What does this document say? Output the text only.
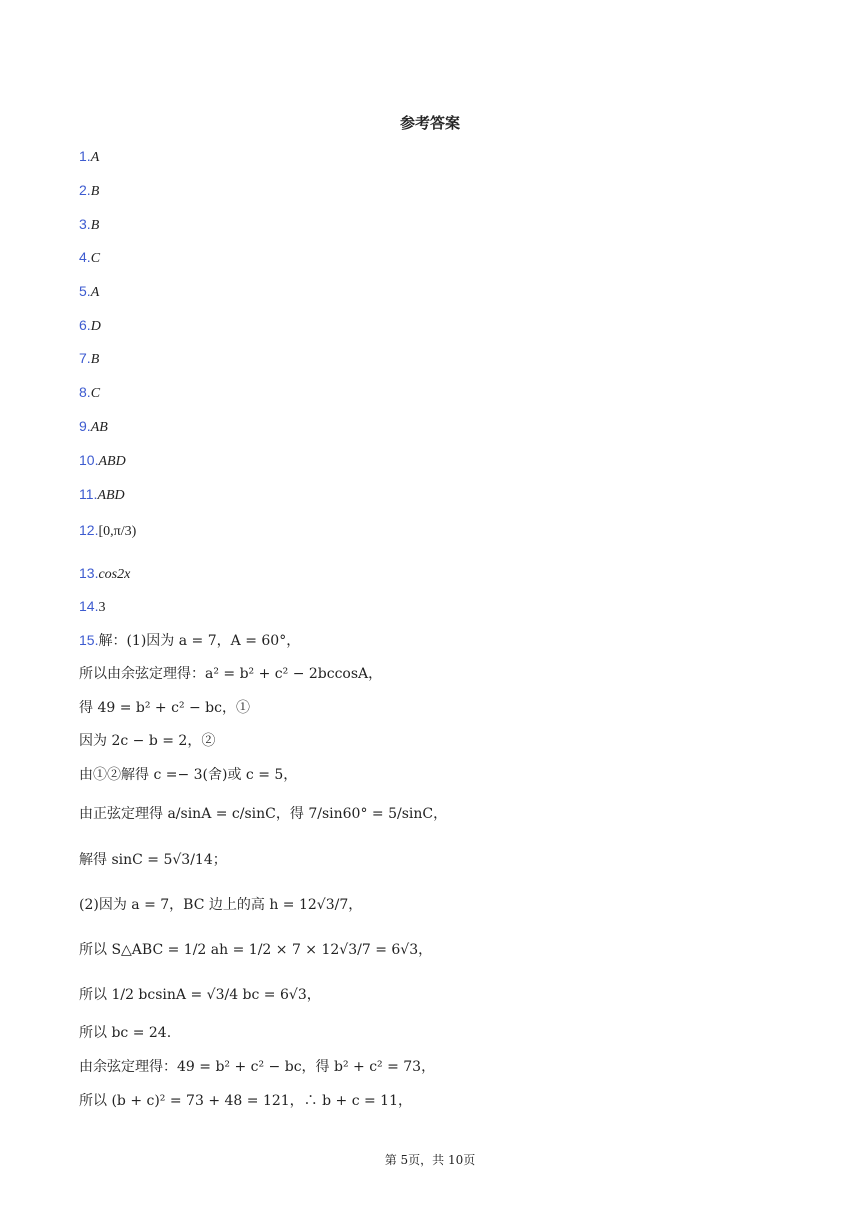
参考答案
1.A
2.B
3.B
4.C
5.A
6.D
7.B
8.C
9.AB
10.ABD
11.ABD
12.[0,π/3)
13.cos2x
14.3
15.解：(1)因为 a = 7，A = 60°，
所以由余弦定理得：a² = b² + c² − 2bccosA，
得 49 = b² + c² − bc，①
因为 2c − b = 2，②
由①②解得 c =− 3(舍)或 c = 5，
由正弦定理得 a/sinA = c/sinC，得 7/sin60° = 5/sinC，
解得 sinC = 5√3/14；
(2)因为 a = 7，BC 边上的高 h = 12√3/7，
所以 S△ABC = 1/2 ah = 1/2 × 7 × 12√3/7 = 6√3，
所以 1/2 bcsinA = √3/4 bc = 6√3，
所以 bc = 24.
由余弦定理得：49 = b² + c² − bc，得 b² + c² = 73，
所以 (b + c)² = 73 + 48 = 121，∴ b + c = 11，
第 5页，共 10页
